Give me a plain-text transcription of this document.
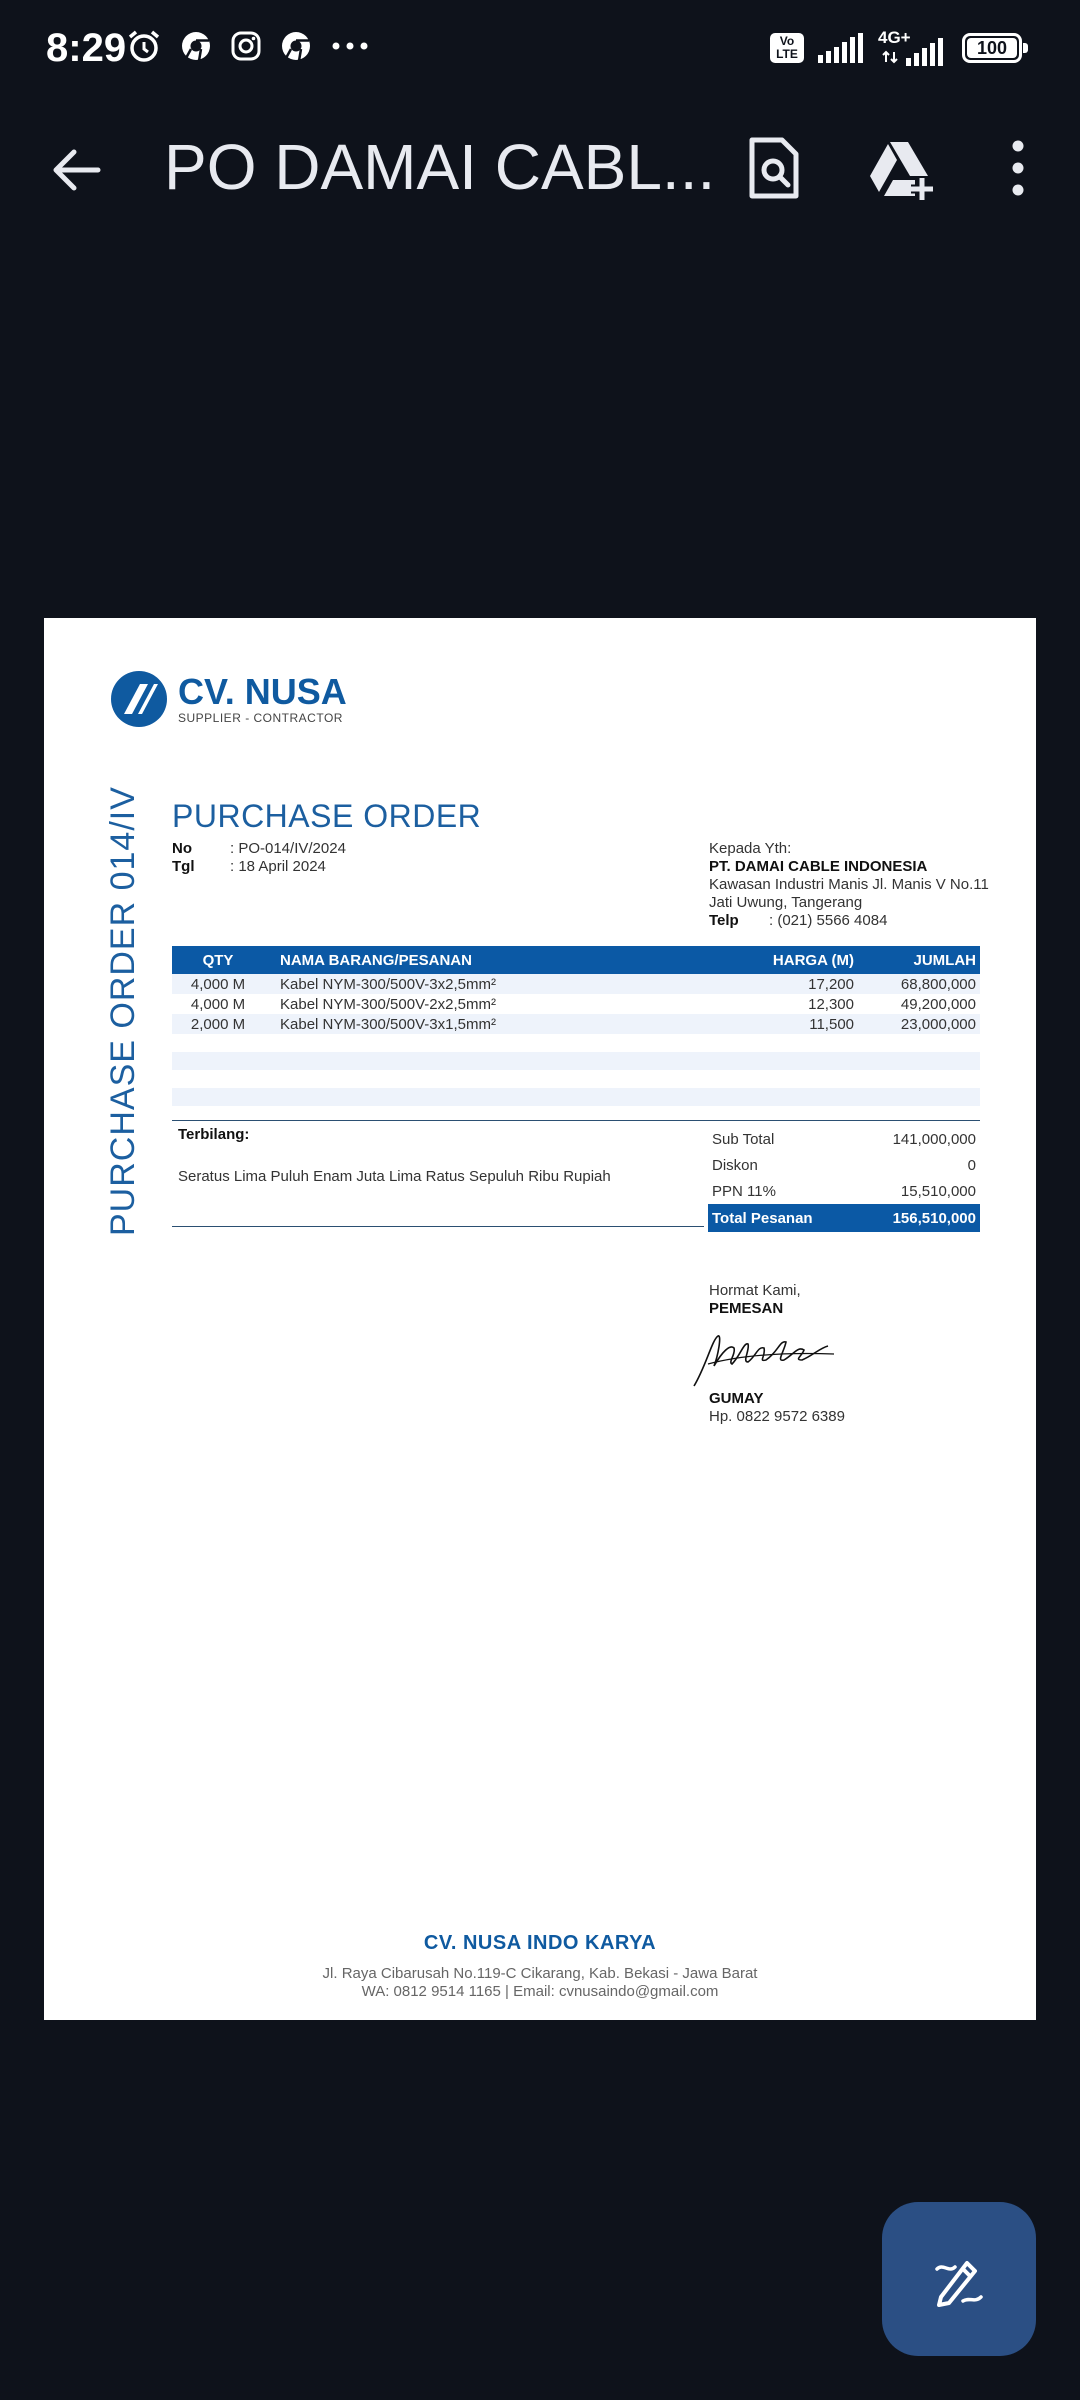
8:29	Vo LTE
4G+	100
PO DAMAI CABL...
CV. NUSA
SUPPLIER - CONTRACTOR
PURCHASE ORDER 014/IV PURCHASE ORDER
No	: PO-014/IV/2024
Tgl : 18 April 2024
Kepada Yth:
PT. DAMAI CABLE INDONESIA
Kawasan Industri Manis Jl. Manis V No.11
Jati Uwung, Tangerang
Telp : (021) 5566 4084
QTY	NAMA BARANG/PESANAN	HARGA (M)	JUMLAH
4,000 M	Kabel NYM-300/500V-3x2,5mm²	17,200	68,800,000
4,000 M	Kabel NYM-300/500V-2x2,5mm²	12,300	49,200,000
2,000 M	Kabel NYM-300/500V-3x1,5mm²	11,500	23,000,000
Terbilang:
Seratus Lima Puluh Enam Juta Lima Ratus Sepuluh Ribu Rupiah
Sub Total	141,000,000
Diskon	0
PPN 11%	15,510,000
Total Pesanan	156,510,000
Hormat Kami,
PEMESAN
GUMAY
Hp. 0822 9572 6389
CV. NUSA INDO KARYA
Jl. Raya Cibarusah No.119-C Cikarang, Kab. Bekasi - Jawa Barat
WA: 0812 9514 1165 | Email: cvnusaindo@gmail.com
